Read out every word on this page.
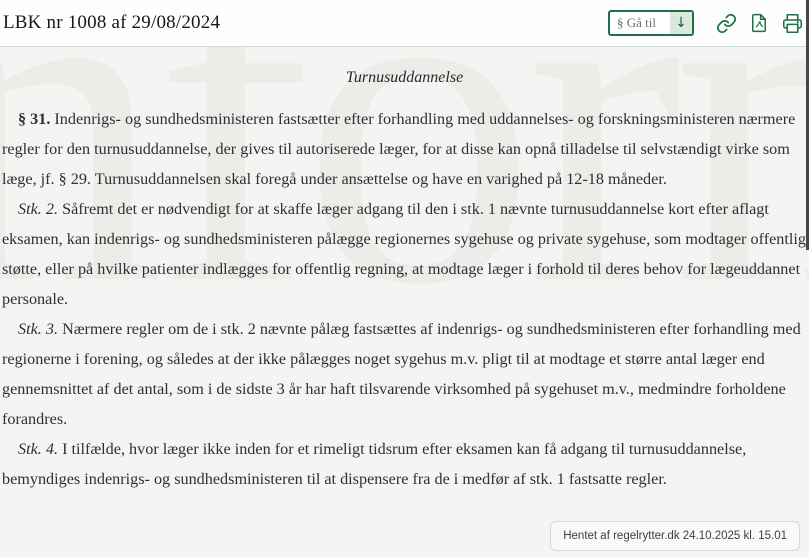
LBK nr 1008 af 29/08/2024	§ Gå til	↓
Turnusuddannelse

§ 31. Indenrigs- og sundhedsministeren fastsætter efter forhandling med uddannelses- og forskningsministeren nærmere regler for den turnusuddannelse, der gives til autoriserede læger, for at disse kan opnå tilladelse til selvstændigt virke som læge, jf. § 29. Turnusuddannelsen skal foregå under ansættelse og have en varighed på 12-18 måneder.

Stk. 2. Såfremt det er nødvendigt for at skaffe læger adgang til den i stk. 1 nævnte turnusuddannelse kort efter aflagt eksamen, kan indenrigs- og sundhedsministeren pålægge regionernes sygehuse og private sygehuse, som modtager offentlig støtte, eller på hvilke patienter indlægges for offentlig regning, at modtage læger i forhold til deres behov for lægeuddannet personale.

Stk. 3. Nærmere regler om de i stk. 2 nævnte pålæg fastsættes af indenrigs- og sundhedsministeren efter forhandling med regionerne i forening, og således at der ikke pålægges noget sygehus m.v. pligt til at modtage et større antal læger end gennemsnittet af det antal, som i de sidste 3 år har haft tilsvarende virksomhed på sygehuset m.v., medmindre forholdene forandres.

Stk. 4. I tilfælde, hvor læger ikke inden for et rimeligt tidsrum efter eksamen kan få adgang til turnusuddannelse, bemyndiges indenrigs- og sundhedsministeren til at dispensere fra de i medfør af stk. 1 fastsatte regler.

Hentet af regelrytter.dk 24.10.2025 kl. 15.01
